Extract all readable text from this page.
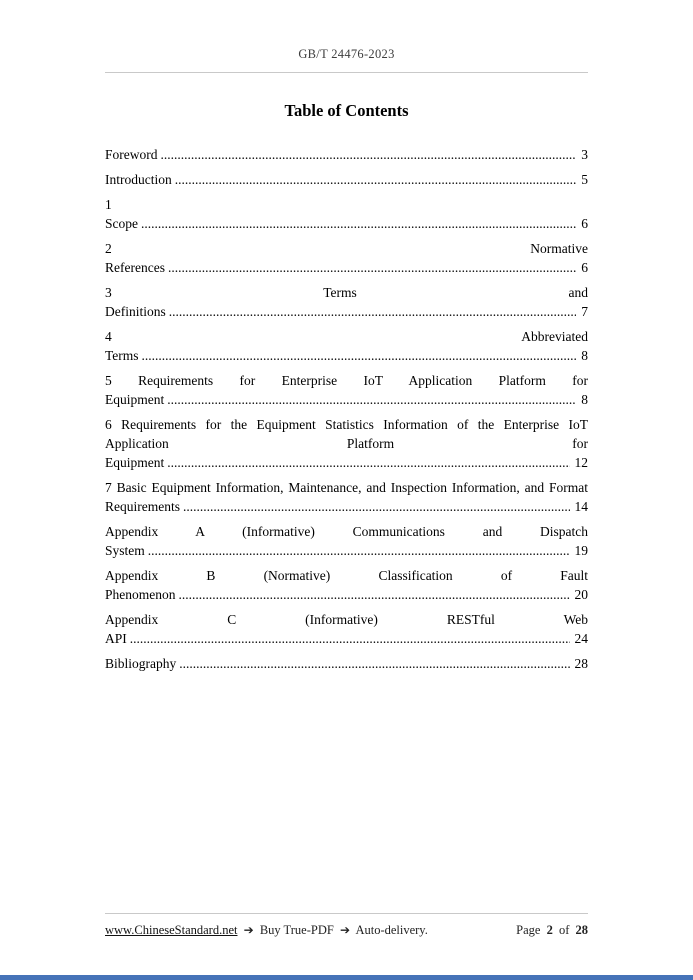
GB/T 24476-2023
Table of Contents

Foreword .....	3

Introduction .....	5

1 Scope .....	6

2 Normative References .....	6

3 Terms and Definitions .....	7

4 Abbreviated Terms .....	8

5 Requirements for Enterprise IoT Application Platform for Equipment .....	8

6 Requirements for the Equipment Statistics Information of the Enterprise IoT Application Platform for Equipment .....	12

7 Basic Equipment Information, Maintenance, and Inspection Information, and Format Requirements .....	14

Appendix A (Informative) Communications and Dispatch System .....	19

Appendix B (Normative) Classification of Fault Phenomenon .....	20

Appendix C (Informative) RESTful Web API .....	24

Bibliography .....	28

www.ChineseStandard.net ➔ Buy True-PDF ➔ Auto-delivery.	Page 2 of 28
